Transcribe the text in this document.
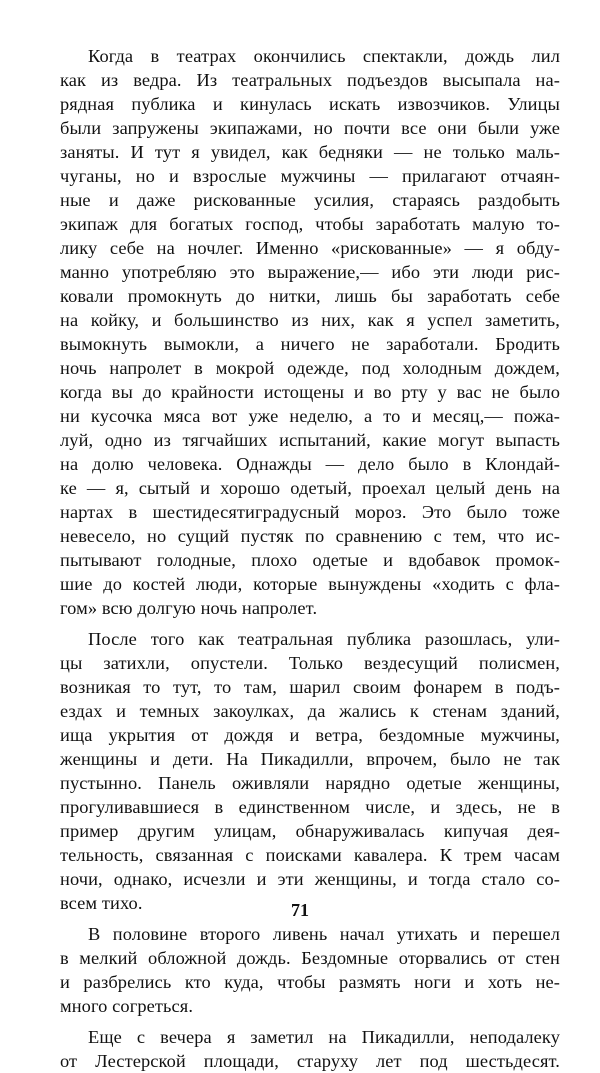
Когда в театрах окончились спектакли, дождь лил
как из ведра. Из театральных подъездов высыпала на-
рядная публика и кинулась искать извозчиков. Улицы
были запружены экипажами, но почти все они были уже
заняты. И тут я увидел, как бедняки — не только маль-
чуганы, но и взрослые мужчины — прилагают отчаян-
ные и даже рискованные усилия, стараясь раздобыть
экипаж для богатых господ, чтобы заработать малую то-
лику себе на ночлег. Именно «рискованные» — я обду-
манно употребляю это выражение,— ибо эти люди рис-
ковали промокнуть до нитки, лишь бы заработать себе
на койку, и большинство из них, как я успел заметить,
вымокнуть вымокли, а ничего не заработали. Бродить
ночь напролет в мокрой одежде, под холодным дождем,
когда вы до крайности истощены и во рту у вас не было
ни кусочка мяса вот уже неделю, а то и месяц,— пожа-
луй, одно из тягчайших испытаний, какие могут выпасть
на долю человека. Однажды — дело было в Клондай-
ке — я, сытый и хорошо одетый, проехал целый день на
нартах в шестидесятиградусный мороз. Это было тоже
невесело, но сущий пустяк по сравнению с тем, что ис-
пытывают голодные, плохо одетые и вдобавок промок-
шие до костей люди, которые вынуждены «ходить с фла-
гом» всю долгую ночь напролет.
После того как театральная публика разошлась, ули-
цы затихли, опустели. Только вездесущий полисмен,
возникая то тут, то там, шарил своим фонарем в подъ-
ездах и темных закоулках, да жались к стенам зданий,
ища укрытия от дождя и ветра, бездомные мужчины,
женщины и дети. На Пикадилли, впрочем, было не так
пустынно. Панель оживляли нарядно одетые женщины,
прогуливавшиеся в единственном числе, и здесь, не в
пример другим улицам, обнаруживалась кипучая дея-
тельность, связанная с поисками кавалера. К трем часам
ночи, однако, исчезли и эти женщины, и тогда стало со-
всем тихо.
В половине второго ливень начал утихать и перешел
в мелкий обложной дождь. Бездомные оторвались от стен
и разбрелись кто куда, чтобы размять ноги и хоть не-
много согреться.
Еще с вечера я заметил на Пикадилли, неподалеку
от Лестерской площади, старуху лет под шестьдесят.
71
